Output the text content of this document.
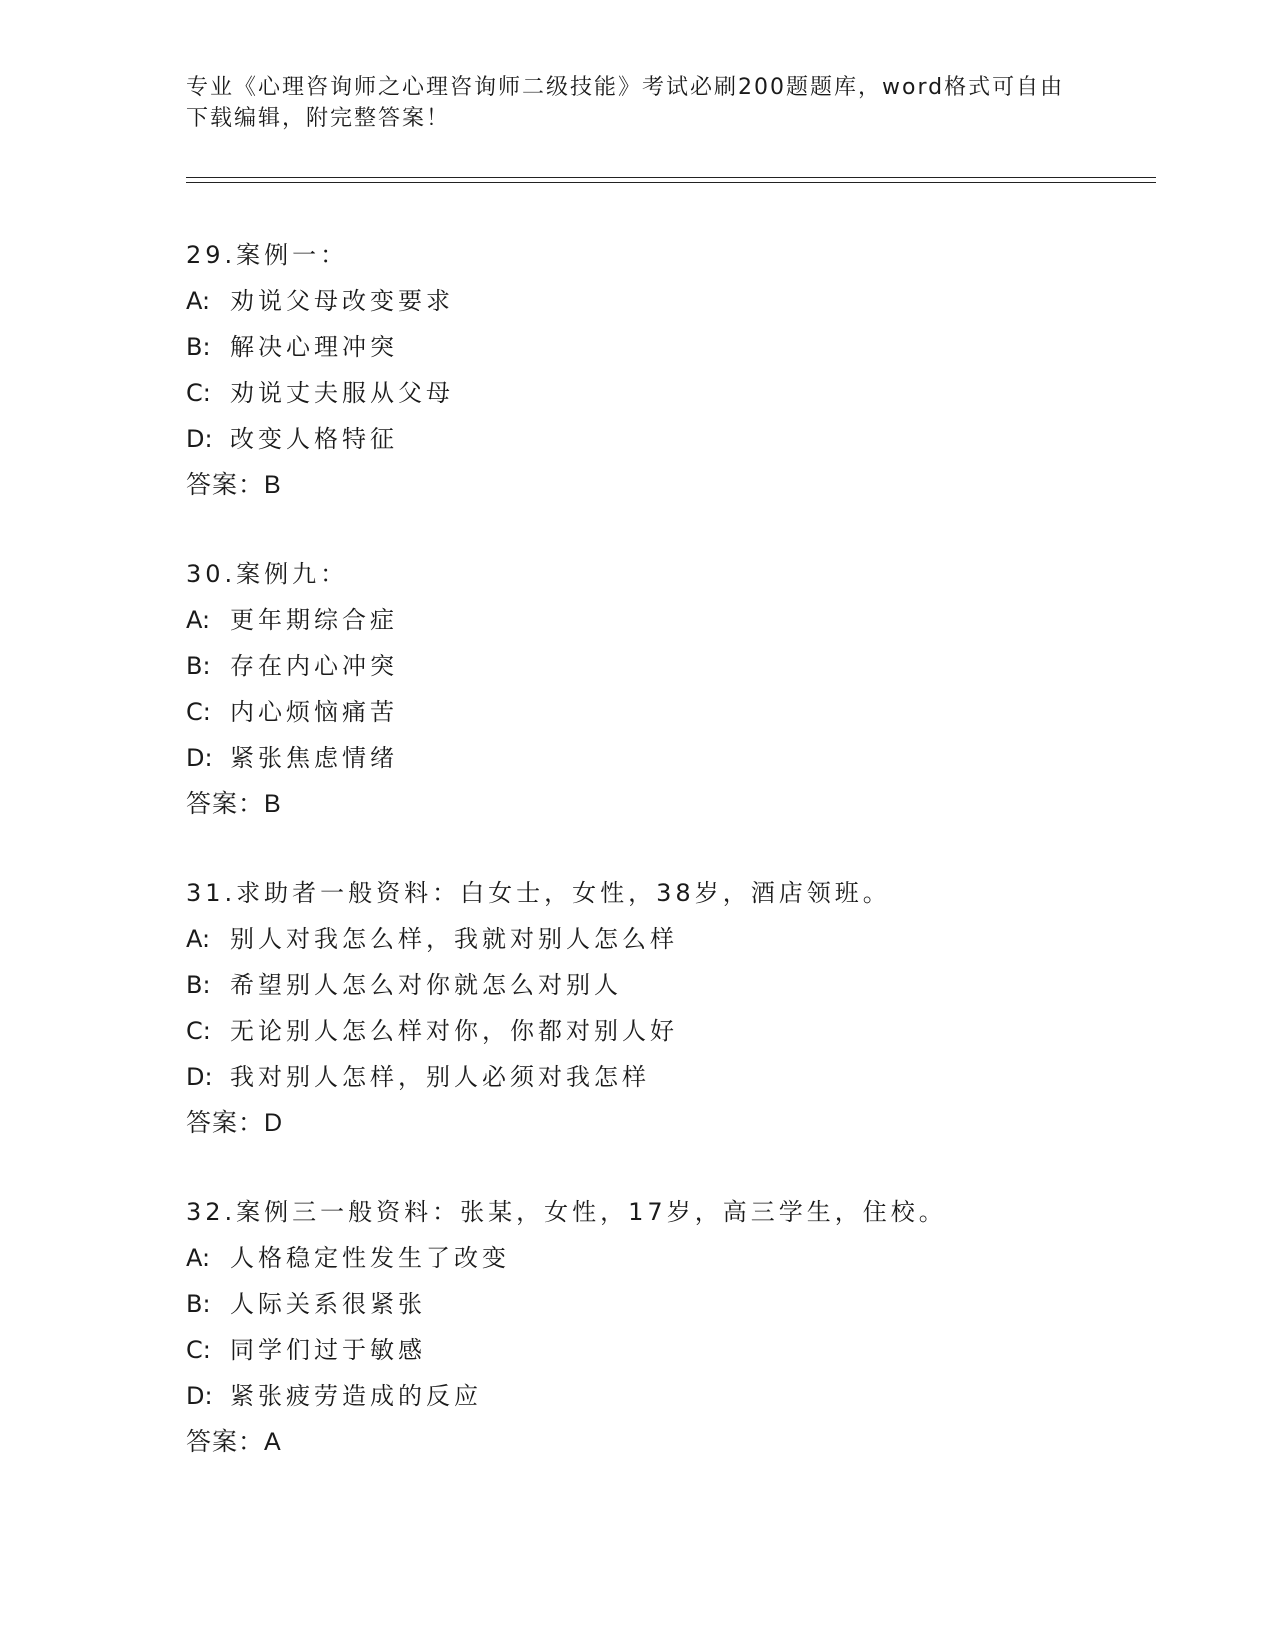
专业《心理咨询师之心理咨询师二级技能》考试必刷200题题库，word格式可自由下载编辑，附完整答案！
29.案例一：
A: 劝说父母改变要求
B: 解决心理冲突
C: 劝说丈夫服从父母
D: 改变人格特征
答案：B
30.案例九：
A: 更年期综合症
B: 存在内心冲突
C: 内心烦恼痛苦
D: 紧张焦虑情绪
答案：B
31.求助者一般资料：白女士，女性，38岁，酒店领班。
A: 别人对我怎么样，我就对别人怎么样
B: 希望别人怎么对你就怎么对别人
C: 无论别人怎么样对你，你都对别人好
D: 我对别人怎样，别人必须对我怎样
答案：D
32.案例三一般资料：张某，女性，17岁，高三学生，住校。
A: 人格稳定性发生了改变
B: 人际关系很紧张
C: 同学们过于敏感
D: 紧张疲劳造成的反应
答案：A
